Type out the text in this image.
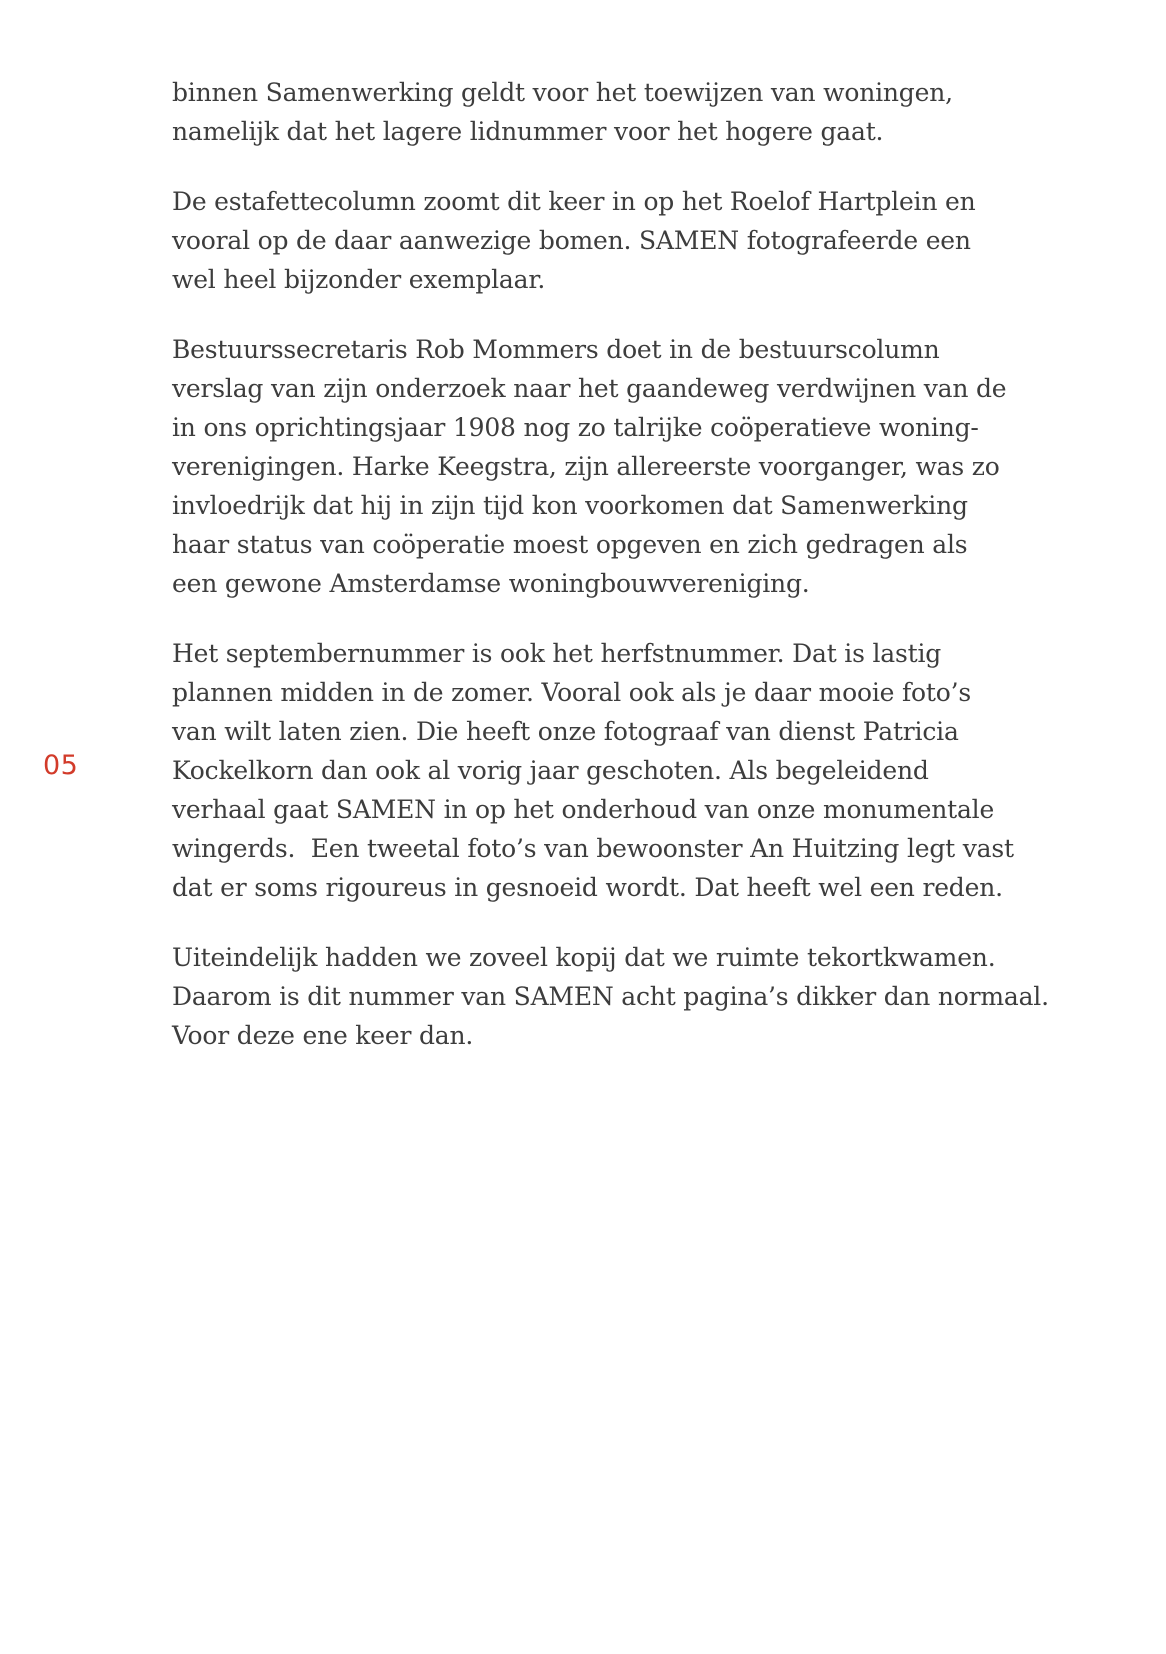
05
binnen Samenwerking geldt voor het toewijzen van woningen,
namelijk dat het lagere lidnummer voor het hogere gaat.
De estafettecolumn zoomt dit keer in op het Roelof Hartplein en
vooral op de daar aanwezige bomen. SAMEN fotografeerde een
wel heel bijzonder exemplaar.
Bestuurssecretaris Rob Mommers doet in de bestuurscolumn
verslag van zijn onderzoek naar het gaandeweg verdwijnen van de
in ons oprichtingsjaar 1908 nog zo talrijke coöperatieve woning-
verenigingen. Harke Keegstra, zijn allereerste voorganger, was zo
invloedrijk dat hij in zijn tijd kon voorkomen dat Samenwerking
haar status van coöperatie moest opgeven en zich gedragen als
een gewone Amsterdamse woningbouwvereniging.
Het septembernummer is ook het herfstnummer. Dat is lastig
plannen midden in de zomer. Vooral ook als je daar mooie foto’s
van wilt laten zien. Die heeft onze fotograaf van dienst Patricia
Kockelkorn dan ook al vorig jaar geschoten. Als begeleidend
verhaal gaat SAMEN in op het onderhoud van onze monumentale
wingerds.  Een tweetal foto’s van bewoonster An Huitzing legt vast
dat er soms rigoureus in gesnoeid wordt. Dat heeft wel een reden.
Uiteindelijk hadden we zoveel kopij dat we ruimte tekortkwamen.
Daarom is dit nummer van SAMEN acht pagina’s dikker dan normaal.
Voor deze ene keer dan.
